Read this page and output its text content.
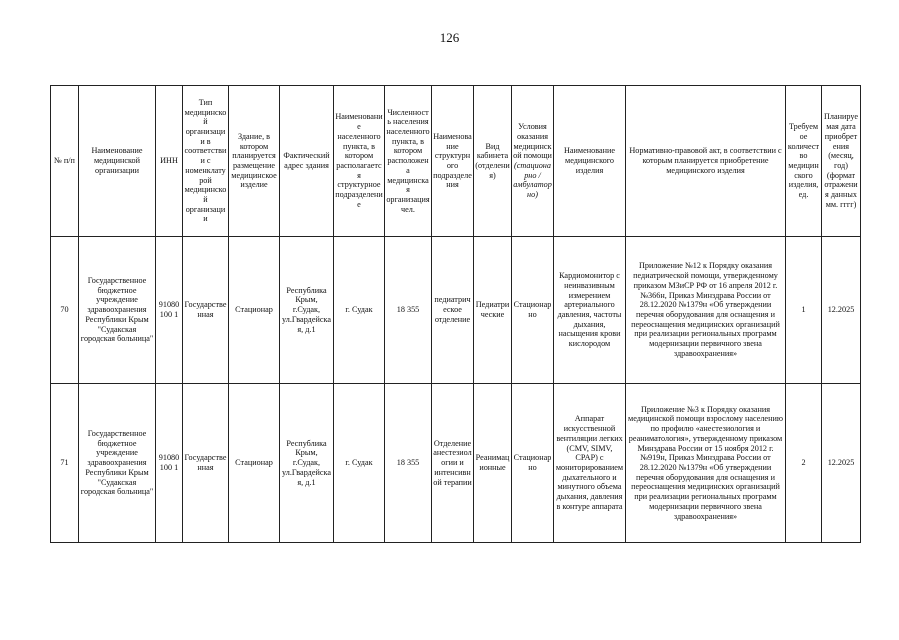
126
№ п/п	Наименование медицинской организации	ИНН	Тип медицинской организации в соответствии с номенклатурой медицинской организации	Здание, в котором планируется размещение медицинское изделие	Фактический адрес здания	Наименование населенного пункта, в котором располагается структурное подразделение	Численность населения населенного пункта, в котором расположена медицинская организация чел.	Наименование структурного подразделения	Вид кабинета (отделения)	Условия оказания медицинской помощи (стационарно / амбулаторно)	Наименование медицинского изделия	Нормативно-правовой акт, в соответствии с которым планируется приобретение медицинского изделия	Требуемое количество медицинского изделия, ед.	Планируемая дата приобретения (месяц, год) (формат отражения данных мм. гггг)
70	Государственное бюджетное учреждение здравоохранения Республики Крым "Судакская городская больница"	91080100 1	Государственная	Стационар	Республика Крым, г.Судак, ул.Гвардейская, д.1	г. Судак	18 355	педиатрическое отделение	Педиатрические	Стационарно	Кардиомонитор с неинвазивным измерением артериального давления, частоты дыхания, насыщения крови кислородом	Приложение №12 к Порядку оказания педиатрической помощи, утвержденному приказом МЗиСР РФ от 16 апреля 2012 г. №366н, Приказ Минздрава России от 28.12.2020 №1379н «Об утверждении перечня оборудования для оснащения и переоснащения медицинских организаций при реализации региональных программ модернизации первичного звена здравоохранения»	1	12.2025
71	Государственное бюджетное учреждение здравоохранения Республики Крым "Судакская городская больница"	91080100 1	Государственная	Стационар	Республика Крым, г.Судак, ул.Гвардейская, д.1	г. Судак	18 355	Отделение анестезиологии и интенсивной терапии	Реанимационные	Стационарно	Аппарат искусственной вентиляции легких (CMV, SIMV, CPAP) с мониторированием дыхательного и минутного объема дыхания, давления в контуре аппарата	Приложение №3 к Порядку оказания медицинской помощи взрослому населению по профилю «анестезиология и реаниматология», утвержденному приказом Минздрава России от 15 ноября 2012 г. №919н, Приказ Минздрава России от 28.12.2020 №1379н «Об утверждении перечня оборудования для оснащения и переоснащения медицинских организаций при реализации региональных программ модернизации первичного звена здравоохранения»	2	12.2025
